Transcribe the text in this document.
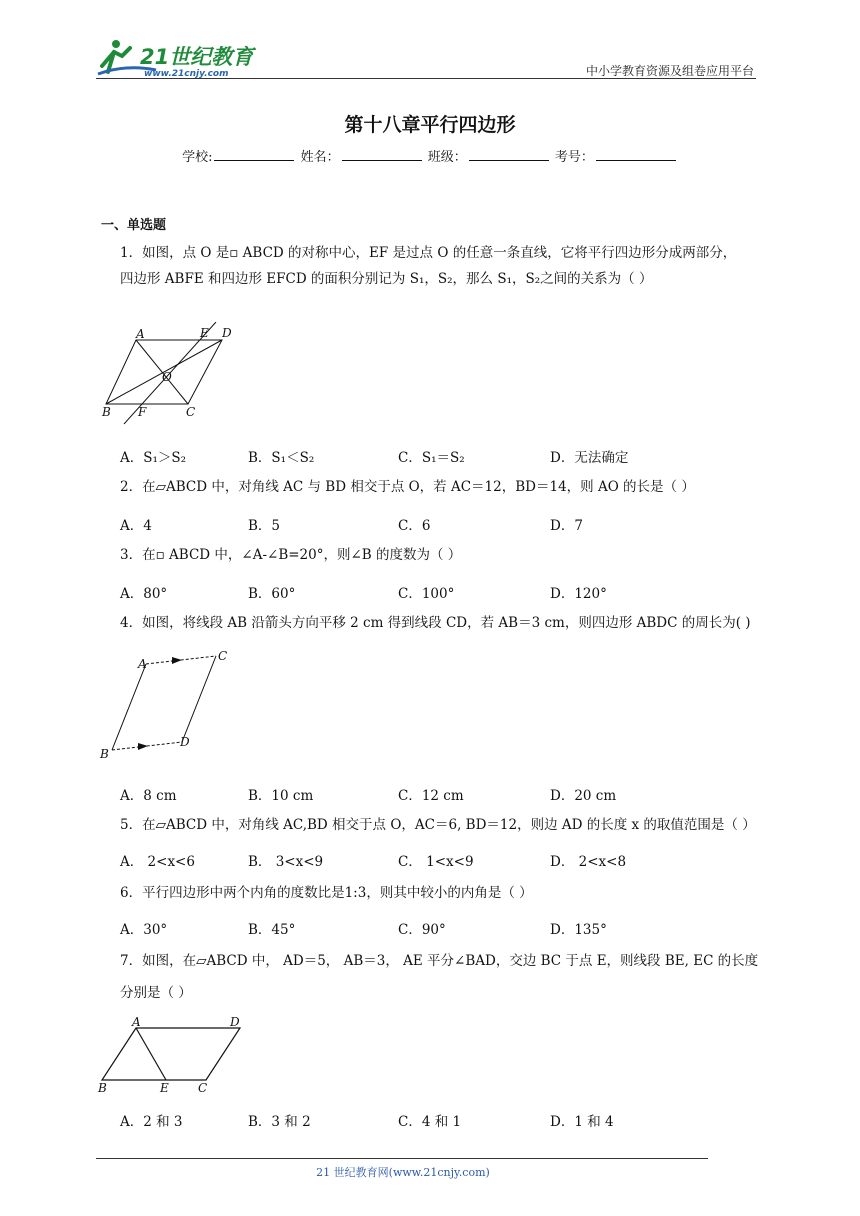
21世纪教育
www.21cnjy.com	中小学教育资源及组卷应用平台
第十八章平行四边形
学校:	姓名：	班级：	考号：
一、单选题
1．如图，点 O 是▫ ABCD 的对称中心，EF 是过点 O 的任意一条直线，它将平行四边形分成两部分，
四边形 ABFE 和四边形 EFCD 的面积分别记为 S₁，S₂，那么 S₁，S₂之间的关系为（ ）
A	E D
O
B F	C
A．S₁＞S₂	B．S₁＜S₂	C．S₁＝S₂	D．无法确定
2．在▱ABCD 中，对角线 AC 与 BD 相交于点 O，若 AC＝12，BD＝14，则 AO 的长是（ ）
A．4	B．5	C．6	D．7
3．在▫ ABCD 中，∠A-∠B=20°，则∠B 的度数为（ ）
A．80°	B．60°	C．100°	D．120°
4．如图，将线段 AB 沿箭头方向平移 2 cm 得到线段 CD，若 AB＝3 cm，则四边形 ABDC 的周长为( )
A
C
B
D
A．8 cm	B．10 cm	C．12 cm	D．20 cm
5．在▱ABCD 中，对角线 AC,BD 相交于点 O，AC＝6, BD＝12，则边 AD 的长度 x 的取值范围是（ ）
A． 2<x<6	B． 3<x<9	C． 1<x<9	D． 2<x<8
6．平行四边形中两个内角的度数比是1:3，则其中较小的内角是（ ）
A．30°	B．45°	C．90°	D．135°
7．如图，在▱ABCD 中， AD＝5， AB＝3， AE 平分∠BAD，交边 BC 于点 E，则线段 BE, EC 的长度
分别是（ ）
A	D
B	E C
A．2 和 3	B．3 和 2	C．4 和 1	D．1 和 4
21 世纪教育网(www.21cnjy.com)
